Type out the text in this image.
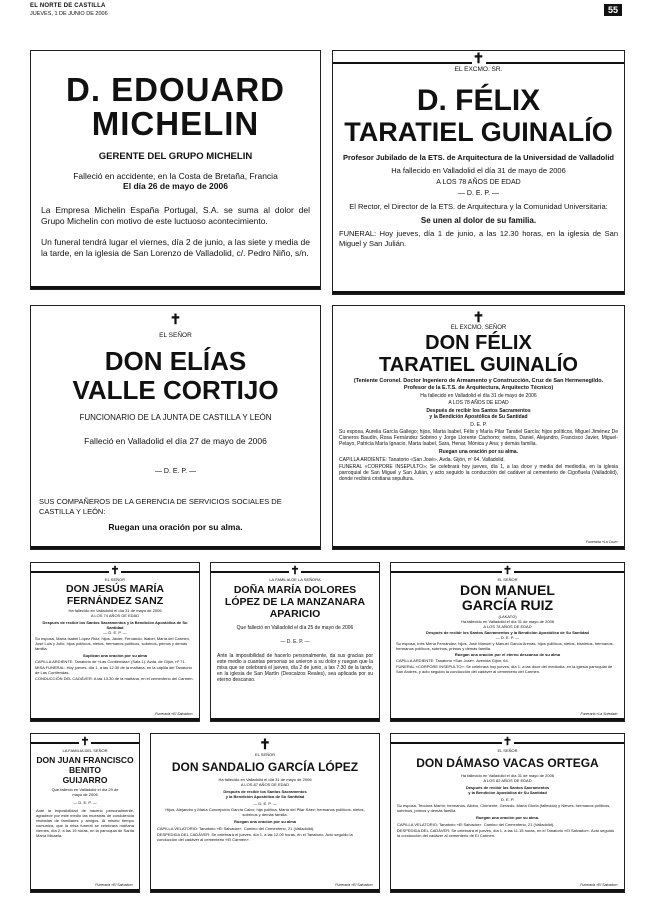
EL NORTE DE CASTILLA
JUEVES, 1 DE JUNIO DE 2006	55

D. EDOUARD

MICHELIN

GERENTE DEL GRUPO MICHELIN

Falleció en accidente, en la Costa de Bretaña, Francia

El día 26 de mayo de 2006

La Empresa Michelin España Portugal, S.A. se suma al dolor del Grupo Michelin con motivo de este luctuoso acontecimiento.

Un funeral tendrá lugar el viernes, día 2 de junio, a las siete y media de la tarde, en la iglesia de San Lorenzo de Valladolid, c/. Pedro Niño, s/n.

✝

EL EXCMO. SR.

D. FÉLIX

TARATIEL GUINALÍO

Profesor Jubilado de la ETS. de Arquitectura de la Universidad de Valladolid

Ha fallecido en Valladolid el día 31 de mayo de 2006

A LOS 78 AÑOS DE EDAD

— D. E. P. —

El Rector, el Director de la ETS. de Arquitectura y la Comunidad Universitaria:

Se unen al dolor de su familia.

FUNERAL: Hoy jueves, día 1 de junio, a las 12.30 horas, en la iglesia de San Miguel y San Julián.

✝

EL SEÑOR

DON ELÍAS

VALLE CORTIJO

FUNCIONARIO DE LA JUNTA DE CASTILLA Y LEÓN

Falleció en Valladolid el día 27 de mayo de 2006

— D. E. P. —

SUS COMPAÑEROS DE LA GERENCIA DE SERVICIOS SOCIALES DE CASTILLA Y LEÓN:

Ruegan una oración por su alma.

✝

EL EXCMO. SEÑOR

DON FÉLIX

TARATIEL GUINALÍO

(Teniente Coronel. Doctor Ingeniero de Armamento y Construcción, Cruz de San Hermenegildo. Profesor de la E.T.S. de Arquitectura, Arquitecto Técnico)

Ha fallecido en Valladolid el día 31 de mayo de 2006

A LOS 78 AÑOS DE EDAD

Después de recibir los Santos Sacramentos

y la Bendición Apostólica de Su Santidad

D. E. P.

Su esposa, Aurelia García Gallego; hijos, Marta Isabel, Félix y María Pilar Taratiel García; hijos políticos, Miguel Jiménez De Cisneros Baudín, Rosa Fernández Sobrino y Jorge Llorente Cachorro; nietos, Daniel, Alejandro, Francisco Javier, Miguel-Pelayo, Patricia María Ignacio, Marta Isabel, Sara, Henar, Mónica y Ana; y demás familia.

Ruegan una oración por su alma.

CAPILLA ARDIENTE: Tanatorio «San José». Avda. Gijón, nº 64. Valladolid.

FUNERAL «CORPORE INSEPULTO»: Se celebrará hoy jueves, día 1, a las doce y media del mediodía, en la iglesia parroquial de San Miguel y San Julián, y acto seguido la conducción del cadáver al cementerio de Cigoñuela (Valladolid), donde recibirá cristiana sepultura.

Funeraria «La Cruz»
✝

EL SEÑOR

DON JESÚS MARÍA

FERNÁNDEZ SANZ

Ha fallecido en Valladolid el día 31 de mayo de 2006

A LOS 74 AÑOS DE EDAD

Después de recibir los Santos Sacramentos y la Bendición Apostólica de Su Santidad

— D. E. P. —

Su esposa, María Isabel López Ruiz; hijos, Javier, Fernando, Isabel, María del Carmen, José Luis y Julio; hijos políticos, nietos, hermanos políticos, sobrinos, primos y demás familia.

Suplican una oración por su alma

CAPILLA ARDIENTE: Tanatorio de «Las Contiendas» (Sala 1). Avda. de Gijón, nº 71.

MISA FUNERAL: Hoy jueves, día 1, a las 12.30 de la mañana, en la capilla del Tanatorio de Las Contiendas.

CONDUCCIÓN DEL CADÁVER: A las 13.30 de la mañana, en el cementerio del Carmen.

Funeraria «El Salvador»
✝

LA FAMILIA DE LA SEÑORA

DOÑA MARÍA DOLORES

LÓPEZ DE LA MANZANARA

APARICIO

Que falleció en Valladolid el día 25 de mayo de 2006

— D. E. P. —

Ante la imposibilidad de hacerlo personalmente, da sus gracias por este medio a cuantas personas se unieron a su dolor y ruegan que la misa que se celebrará el jueves, día 2 de junio, a las 7.30 de la tarde, en la iglesia de San Martín (Descalzos Reales), sea aplicada por su eterno descanso.

✝

EL SEÑOR

DON MANUEL

GARCÍA RUIZ

(LAKATO)

Ha fallecido en Valladolid el día 31 de mayo de 2006

A LOS 78 AÑOS DE EDAD

Después de recibir los Santos Sacramentos y la Bendición Apostólica de Su Santidad

— D. E. P. —

Su esposa, Inés Mena Fernández; hijos, José Manuel y Manuel García Arenas; hijos políticos, nietos, bisnietos, hermanos, hermanos políticos, sobrinos, primos y demás familia.

Ruegan una oración por el eterno descanso de su alma

CAPILLA ARDIENTE: Tanatorio «San José». Avenida Gijón, 64.

FUNERAL «CORPORE INSEPULTO»: Se celebrará hoy jueves, día 1, a las doce del mediodía, en la iglesia parroquial de San Andrés, y acto seguido la conducción del cadáver al cementerio del Carmen.

Funeraria «La Soledad»
✝

LA FAMILIA DEL SEÑOR

DON JUAN FRANCISCO

BENITO

GUIJARRO

Que falleció en Valladolid el día 29 de mayo de 2006

— D. E. P. —

Ante la imposibilidad de hacerlo personalmente, agradece por este medio las muestras de condolencia recibidas de familiares y amigos. Al mismo tiempo comunica, que la misa funeral se celebrará mañana viernes, día 2, a las 19 horas, en la parroquia de Santa María Micaela.

Funeraria «El Salvador»
✝

EL SEÑOR

DON SANDALIO GARCÍA LÓPEZ

Ha fallecido en Valladolid el día 31 de mayo de 2006

A LOS 87 AÑOS DE EDAD

Después de recibir los Santos Sacramentos

y la Bendición Apostólica de Su Santidad

— D. E. P. —

Hijos, Alejandro y María Concepción García Calvo; hija política, María del Pilar Sáez; hermanos políticos, nietos, sobrinos y demás familia.

Ruegan una oración por su alma

CAPILLA VELATORIO: Tanatorio «El Salvador». Camino del Cementerio, 21 (Valladolid).

DESPEDIDA DEL CADÁVER: Se celebrará el jueves, día 1, a las 12.00 horas, en el Tanatorio. Acto seguido la conducción del cadáver al cementerio «El Carmen».

Funeraria «El Salvador»
✝

EL SEÑOR

DON DÁMASO VACAS ORTEGA

Ha fallecido en Valladolid el día 31 de mayo de 2006

A LOS 82 AÑOS DE EDAD

Después de recibir los Santos Sacramentos

y la Bendición Apostólica de Su Santidad

D. E. P.

Su esposa, Teodora Martín; hermanos, Albino, Clemente, Gerardo, María Gloria (fallecida) y Nieves; hermanos políticos, sobrinos, primos y demás familia.

Ruegan una oración por su alma.

CAPILLA VELATORIO: Tanatorio «El Salvador». Camino del Cementerio, 21 (Valladolid).

DESPEDIDA DEL CADÁVER: Se celebrará el jueves, día 1, a las 11.15 horas, en el Tanatorio «El Salvador». Acto seguido la conducción del cadáver al cementerio de El Carmen.

Funeraria «El Salvador»
